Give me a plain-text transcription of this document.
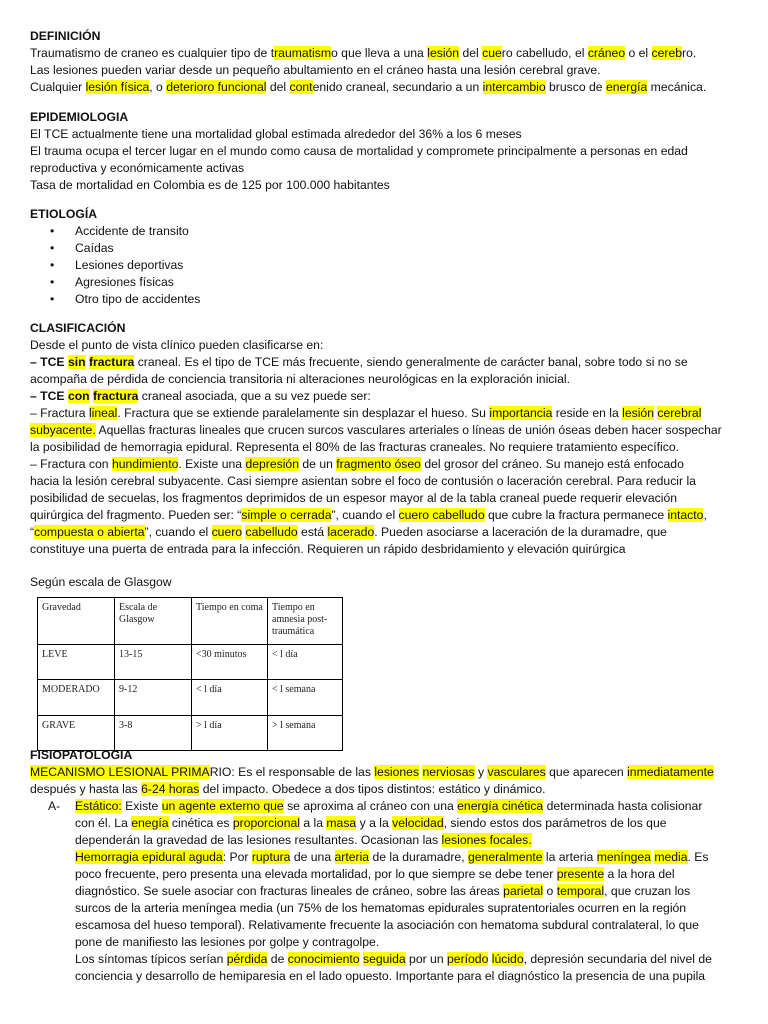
DEFINICIÓN

Traumatismo de craneo es cualquier tipo de traumatismo que lleva a una lesión del cuero cabelludo, el cráneo o el cerebro.

Las lesiones pueden variar desde un pequeño abultamiento en el cráneo hasta una lesión cerebral grave.

Cualquier lesión física, o deterioro funcional del contenido craneal, secundario a un intercambio brusco de energía mecánica.

EPIDEMIOLOGIA

El TCE actualmente tiene una mortalidad global estimada alrededor del 36% a los 6 meses

El trauma ocupa el tercer lugar en el mundo como causa de mortalidad y compromete principalmente a personas en edad

reproductiva y económicamente activas

Tasa de mortalidad en Colombia es de 125 por 100.000 habitantes

ETIOLOGÍA
• Accidente de transito
• Caídas
• Lesiones deportivas
• Agresiones físicas
• Otro tipo de accidentes
CLASIFICACIÓN

Desde el punto de vista clínico pueden clasificarse en:

– TCE sin fractura craneal. Es el tipo de TCE más frecuente, siendo generalmente de carácter banal, sobre todo si no se

acompaña de pérdida de conciencia transitoria ni alteraciones neurológicas en la exploración inicial.

– TCE con fractura craneal asociada, que a su vez puede ser:

– Fractura lineal. Fractura que se extiende paralelamente sin desplazar el hueso. Su importancia reside en la lesión cerebral

subyacente. Aquellas fracturas lineales que crucen surcos vasculares arteriales o líneas de unión óseas deben hacer sospechar

la posibilidad de hemorragia epidural. Representa el 80% de las fracturas craneales. No requiere tratamiento específico.

– Fractura con hundimiento. Existe una depresión de un fragmento óseo del grosor del cráneo. Su manejo está enfocado

hacia la lesión cerebral subyacente. Casi siempre asientan sobre el foco de contusión o laceración cerebral. Para reducir la

posibilidad de secuelas, los fragmentos deprimidos de un espesor mayor al de la tabla craneal puede requerir elevación

quirúrgica del fragmento. Pueden ser: “simple o cerrada”, cuando el cuero cabelludo que cubre la fractura permanece intacto,

“compuesta o abierta”, cuando el cuero cabelludo está lacerado. Pueden asociarse a laceración de la duramadre, que

constituye una puerta de entrada para la infección. Requieren un rápido desbridamiento y elevación quirúrgica

Según escala de Glasgow
Gravedad	Escala de Glasgow	Tiempo en coma	Tiempo en amnesia post-traumática
LEVE	13-15	<30 minutos	< l día
MODERADO	9-12	< l día	< l semana
GRAVE	3-8	> l día	> l semana
FISIOPATOLOGIA

MECANISMO LESIONAL PRIMARIO: Es el responsable de las lesiones nerviosas y vasculares que aparecen inmediatamente

después y hasta las 6-24 horas del impacto. Obedece a dos tipos distintos: estático y dinámico.

A-	Estático: Existe un agente externo que se aproxima al cráneo con una energía cinética determinada hasta colisionar

con él. La enegía cinética es proporcional a la masa y a la velocidad, siendo estos dos parámetros de los que

dependerán la gravedad de las lesiones resultantes. Ocasionan las lesiones focales.

Hemorragia epidural aguda: Por ruptura de una arteria de la duramadre, generalmente la arteria meníngea media. Es

poco frecuente, pero presenta una elevada mortalidad, por lo que siempre se debe tener presente a la hora del

diagnóstico. Se suele asociar con fracturas lineales de cráneo, sobre las áreas parietal o temporal, que cruzan los

surcos de la arteria meníngea media (un 75% de los hematomas epidurales supratentoriales ocurren en la región

escamosa del hueso temporal). Relativamente frecuente la asociación con hematoma subdural contralateral, lo que

pone de manifiesto las lesiones por golpe y contragolpe.

Los síntomas típicos serían pérdida de conocimiento seguida por un período lúcido, depresión secundaria del nivel de

conciencia y desarrollo de hemiparesia en el lado opuesto. Importante para el diagnóstico la presencia de una pupila
